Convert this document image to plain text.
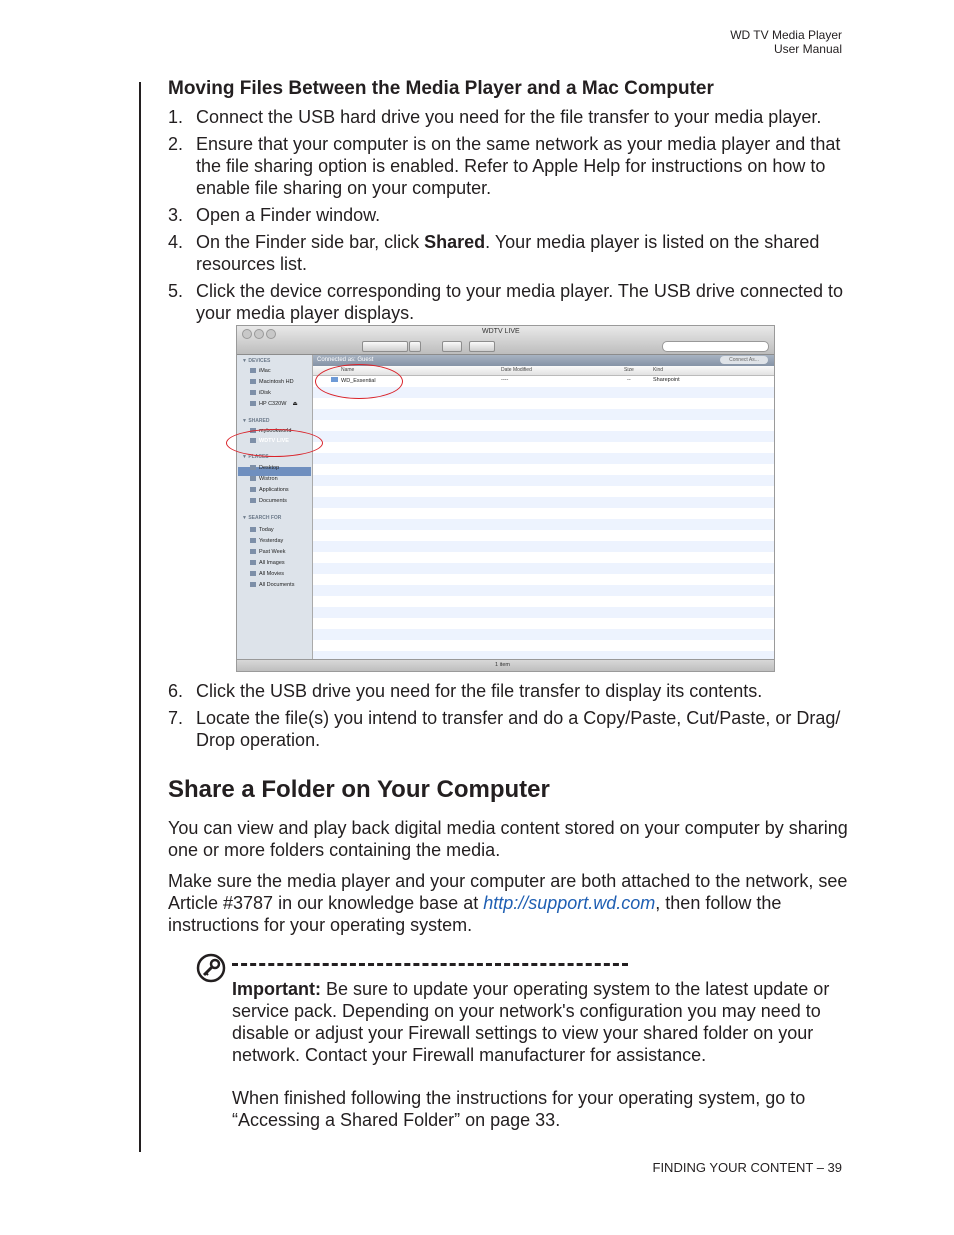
WD TV Media Player
User Manual
Moving Files Between the Media Player and a Mac Computer
1. Connect the USB hard drive you need for the file transfer to your media player.
2. Ensure that your computer is on the same network as your media player and that the file sharing option is enabled. Refer to Apple Help for instructions on how to enable file sharing on your computer.
3. Open a Finder window.
4. On the Finder side bar, click Shared. Your media player is listed on the shared resources list.
5. Click the device corresponding to your media player. The USB drive connected to your media player displays.
WDTV LIVE
▼ DEVICES
iMac
Macintosh HD
iDisk
HP C320W    ⏏
▼ SHARED
mybookworld
WDTV LIVE
▼ PLACES
Desktop
Wistron
Applications
Documents
▼ SEARCH FOR
Today
Yesterday
Past Week
All Images
All Movies
All Documents
Connected as: Guest	Connect As...
Name	Date Modified	Size	Kind
WD_Essential	----	--	Sharepoint
1 item
6. Click the USB drive you need for the file transfer to display its contents.
7. Locate the file(s) you intend to transfer and do a Copy/Paste, Cut/Paste, or Drag/ Drop operation.
Share a Folder on Your Computer

You can view and play back digital media content stored on your computer by sharing one or more folders containing the media.

Make sure the media player and your computer are both attached to the network, see Article #3787 in our knowledge base at http://support.wd.com, then follow the instructions for your operating system.

Important: Be sure to update your operating system to the latest update or service pack. Depending on your network's configuration you may need to disable or adjust your Firewall settings to view your shared folder on your network. Contact your Firewall manufacturer for assistance.

When finished following the instructions for your operating system, go to “Accessing a Shared Folder” on page 33.

FINDING YOUR CONTENT – 39
